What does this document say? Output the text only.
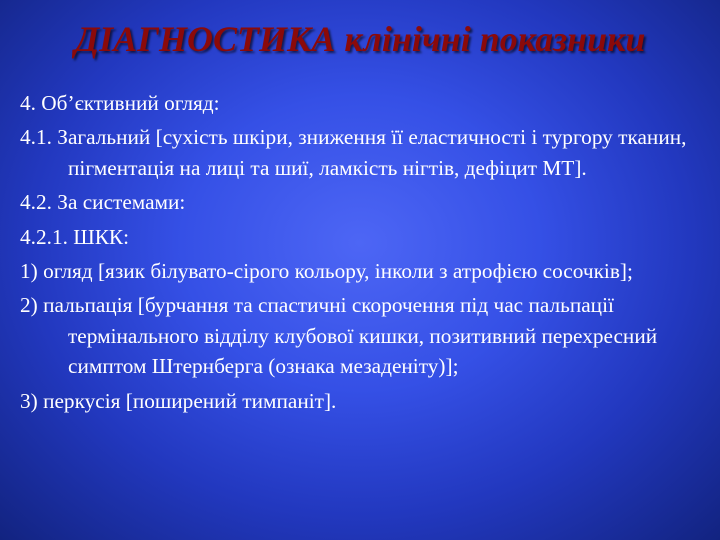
ДІАГНОСТИКА клінічні показники
4. Об’єктивний огляд:
4.1. Загальний [сухість шкіри, зниження її еластичності і тургору тканин, пігментація на лиці та шиї, ламкість нігтів, дефіцит МТ].
4.2. За системами:
4.2.1. ШКК:
1) огляд [язик білувато-сірого кольору, інколи з атрофією сосочків];
2) пальпація [бурчання та спастичні скорочення під час пальпації термінального відділу клубової кишки, позитивний перехресний симптом Штернберга (ознака мезаденіту)];
3) перкусія [поширений тимпаніт].
